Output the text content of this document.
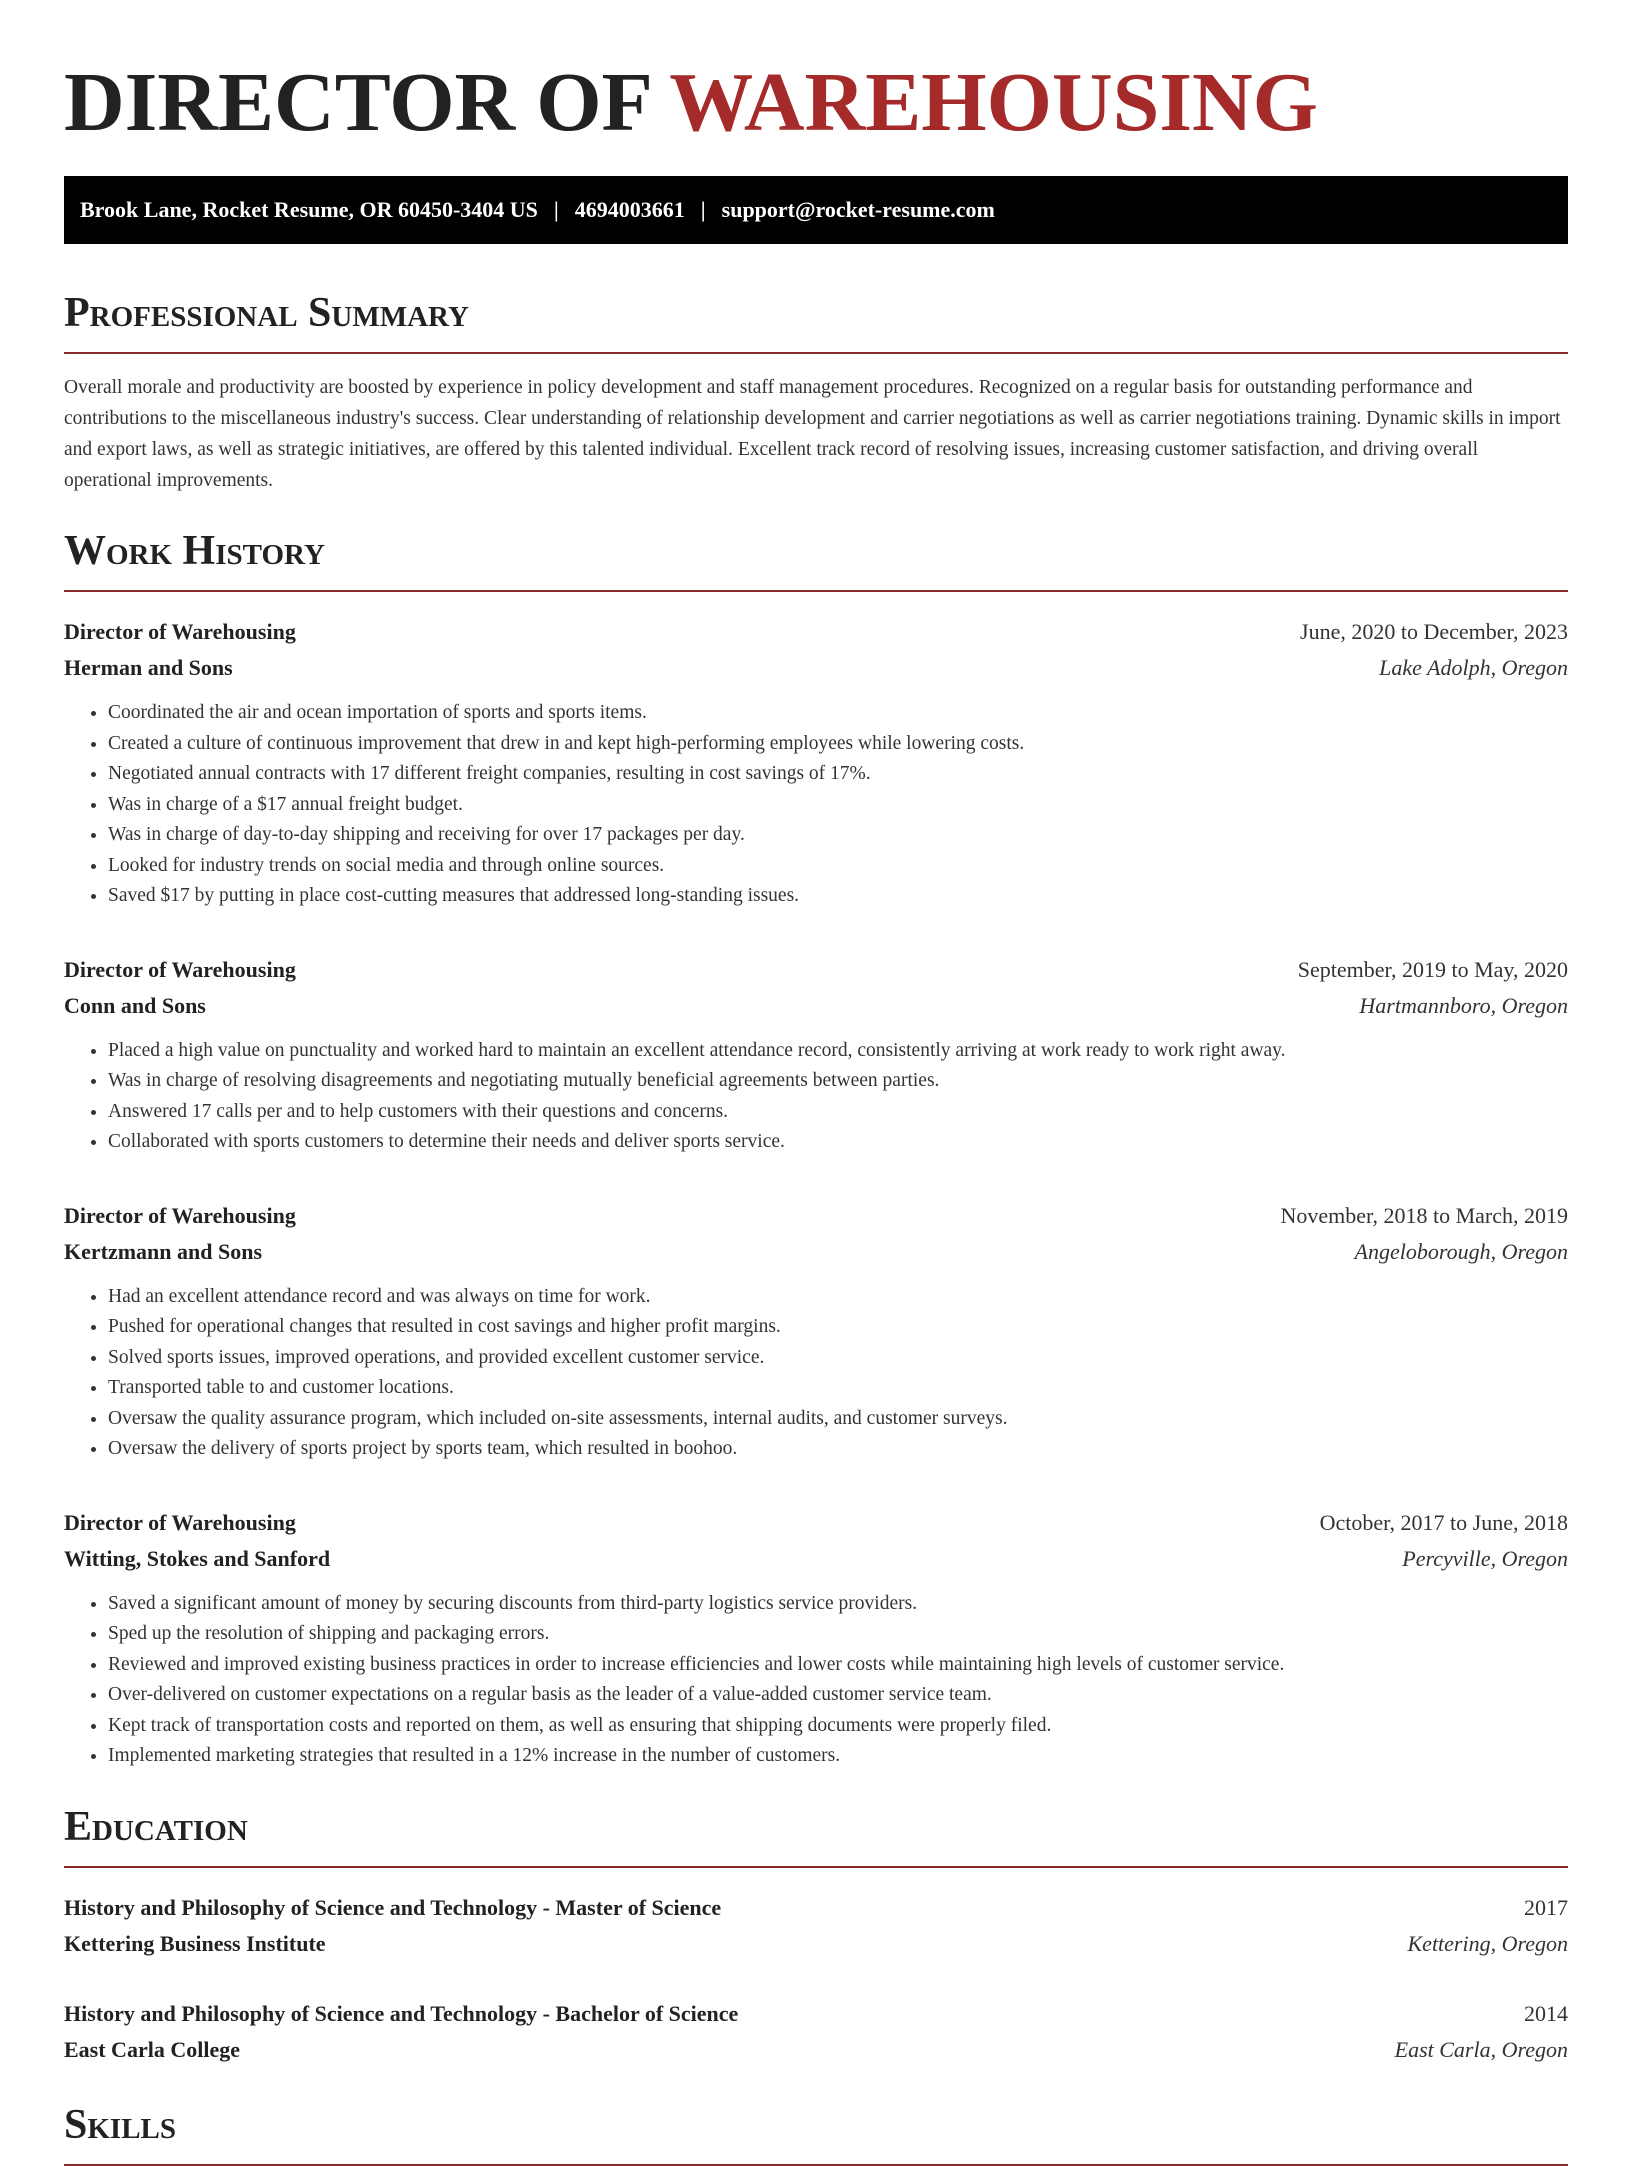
DIRECTOR OF WAREHOUSING
Brook Lane, Rocket Resume, OR 60450-3404 US | 4694003661 | support@rocket-resume.com
Professional Summary

Overall morale and productivity are boosted by experience in policy development and staff management procedures. Recognized on a regular basis for outstanding performance and contributions to the miscellaneous industry's success. Clear understanding of relationship development and carrier negotiations as well as carrier negotiations training. Dynamic skills in import and export laws, as well as strategic initiatives, are offered by this talented individual. Excellent track record of resolving issues, increasing customer satisfaction, and driving overall operational improvements.

Work History
Director of Warehousing	June, 2020 to December, 2023
Herman and Sons	Lake Adolph, Oregon
• Coordinated the air and ocean importation of sports and sports items.
• Created a culture of continuous improvement that drew in and kept high-performing employees while lowering costs.
• Negotiated annual contracts with 17 different freight companies, resulting in cost savings of 17%.
• Was in charge of a $17 annual freight budget.
• Was in charge of day-to-day shipping and receiving for over 17 packages per day.
• Looked for industry trends on social media and through online sources.
• Saved $17 by putting in place cost-cutting measures that addressed long-standing issues.
Director of Warehousing	September, 2019 to May, 2020
Conn and Sons	Hartmannboro, Oregon
• Placed a high value on punctuality and worked hard to maintain an excellent attendance record, consistently arriving at work ready to work right away.
• Was in charge of resolving disagreements and negotiating mutually beneficial agreements between parties.
• Answered 17 calls per and to help customers with their questions and concerns.
• Collaborated with sports customers to determine their needs and deliver sports service.
Director of Warehousing	November, 2018 to March, 2019
Kertzmann and Sons	Angeloborough, Oregon
• Had an excellent attendance record and was always on time for work.
• Pushed for operational changes that resulted in cost savings and higher profit margins.
• Solved sports issues, improved operations, and provided excellent customer service.
• Transported table to and customer locations.
• Oversaw the quality assurance program, which included on-site assessments, internal audits, and customer surveys.
• Oversaw the delivery of sports project by sports team, which resulted in boohoo.
Director of Warehousing	October, 2017 to June, 2018
Witting, Stokes and Sanford	Percyville, Oregon
• Saved a significant amount of money by securing discounts from third-party logistics service providers.
• Sped up the resolution of shipping and packaging errors.
• Reviewed and improved existing business practices in order to increase efficiencies and lower costs while maintaining high levels of customer service.
• Over-delivered on customer expectations on a regular basis as the leader of a value-added customer service team.
• Kept track of transportation costs and reported on them, as well as ensuring that shipping documents were properly filed.
• Implemented marketing strategies that resulted in a 12% increase in the number of customers.
Education
History and Philosophy of Science and Technology - Master of Science	2017
Kettering Business Institute	Kettering, Oregon
History and Philosophy of Science and Technology - Bachelor of Science	2014
East Carla College	East Carla, Oregon
Skills
